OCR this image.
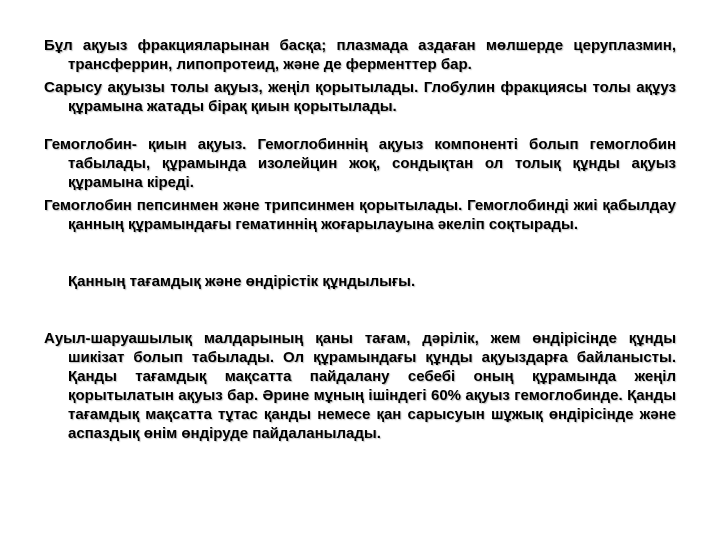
Бұл ақуыз фракцияларынан басқа; плазмада аздаған мөлшерде церуплазмин, трансферрин, липопротеид, және де ферменттер бар.

Сарысу ақуызы толы ақуыз, жеңіл қорытылады. Глобулин фракциясы толы ақұуз құрамына жатады бірақ қиын қорытылады.

Гемоглобин- қиын ақуыз. Гемоглобиннің ақуыз компоненті болып гемоглобин табылады, құрамында изолейцин жоқ, сондықтан ол толық құнды ақуыз құрамына кіреді.

Гемоглобин пепсинмен және трипсинмен қорытылады. Гемоглобинді жиі қабылдау қанның құрамындағы гематиннің жоғарылауына әкеліп соқтырады.

Қанның тағамдық және өндірістік құндылығы.

Ауыл-шаруашылық малдарының қаны тағам, дәрілік, жем өндірісінде құнды шикізат болып табылады. Ол құрамындағы құнды ақуыздарға байланысты. Қанды тағамдық мақсатта пайдалану себебі оның құрамында жеңіл қорытылатын ақуыз бар. Әрине мұның ішіндегі 60% ақуыз гемоглобинде. Қанды тағамдық мақсатта тұтас қанды немесе қан сарысуын шұжық өндірісінде және аспаздық өнім өндіруде пайдаланылады.
